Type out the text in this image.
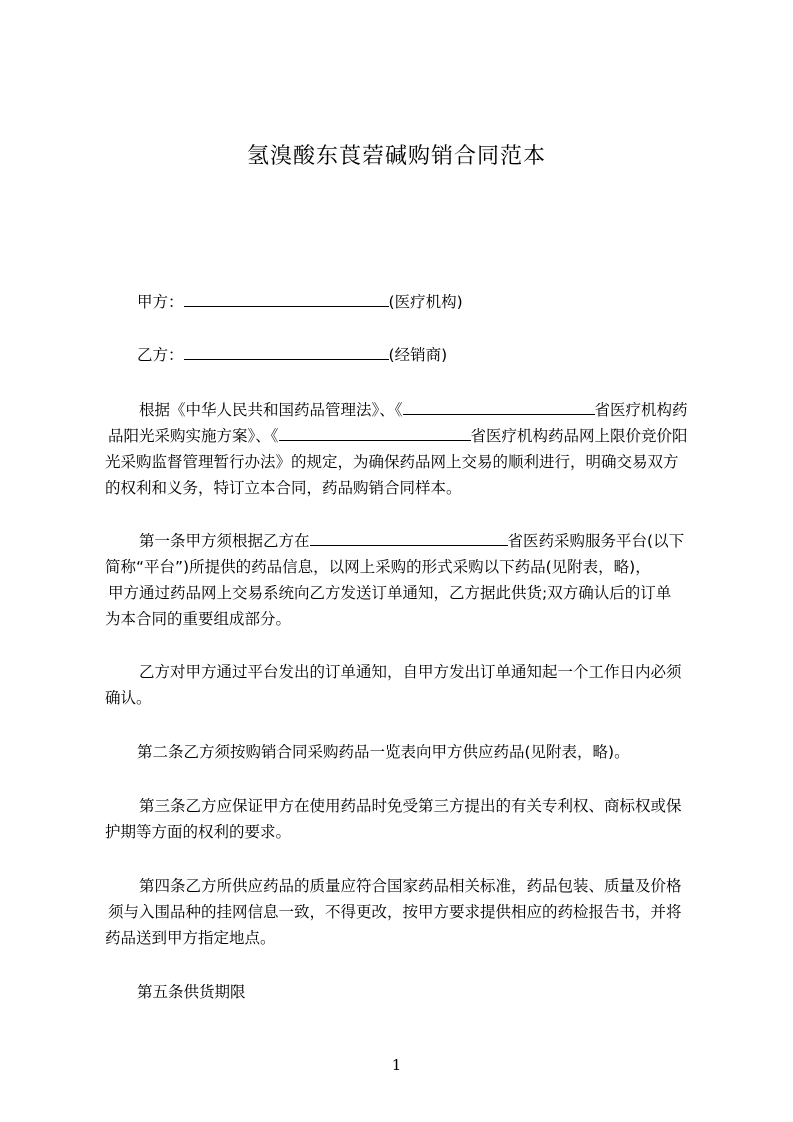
氢溴酸东莨菪碱购销合同范本
甲方：	(医疗机构)
乙方：	(经销商)
根据《中华人民共和国药品管理法》、《	省医疗机构药
品阳光采购实施方案》、《	省医疗机构药品网上限价竞价阳
光采购监督管理暂行办法》的规定，为确保药品网上交易的顺利进行，明确交易双方
的权利和义务，特订立本合同，药品购销合同样本。
第一条甲方须根据乙方在	省医药采购服务平台(以下
简称“平台”)所提供的药品信息，以网上采购的形式采购以下药品(见附表，略)，
甲方通过药品网上交易系统向乙方发送订单通知，乙方据此供货;双方确认后的订单
为本合同的重要组成部分。
乙方对甲方通过平台发出的订单通知，自甲方发出订单通知起一个工作日内必须
确认。
第二条乙方须按购销合同采购药品一览表向甲方供应药品(见附表，略)。
第三条乙方应保证甲方在使用药品时免受第三方提出的有关专利权、商标权或保
护期等方面的权利的要求。
第四条乙方所供应药品的质量应符合国家药品相关标准，药品包装、质量及价格
须与入围品种的挂网信息一致，不得更改，按甲方要求提供相应的药检报告书，并将
药品送到甲方指定地点。
第五条供货期限
1
